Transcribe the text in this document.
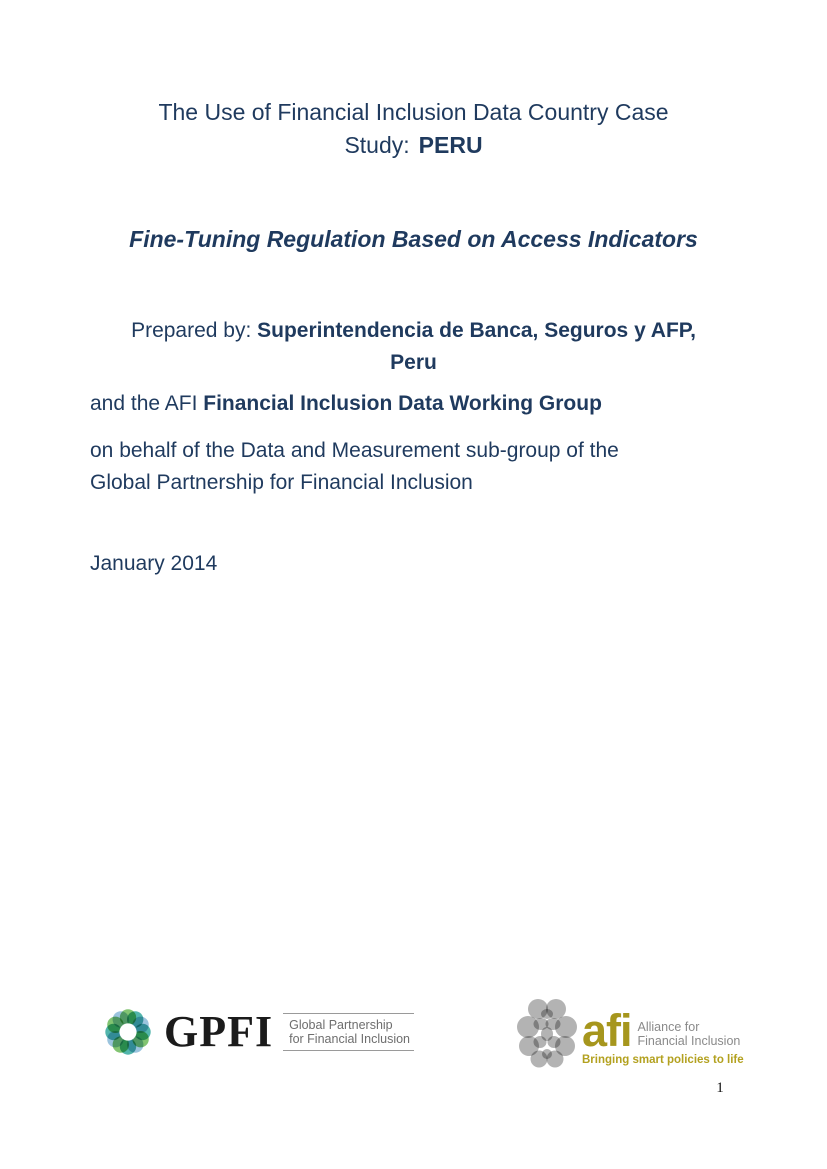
The Use of Financial Inclusion Data Country Case
Study: PERU
Fine-Tuning Regulation Based on Access Indicators
Prepared by: Superintendencia de Banca, Seguros y AFP,
Peru
and the AFI Financial Inclusion Data Working Group
on behalf of the Data and Measurement sub-group of the
Global Partnership for Financial Inclusion
January 2014
GPFI Global Partnership
for Financial Inclusion	afi Alliance for
Financial Inclusion
Bringing smart policies to life
1
